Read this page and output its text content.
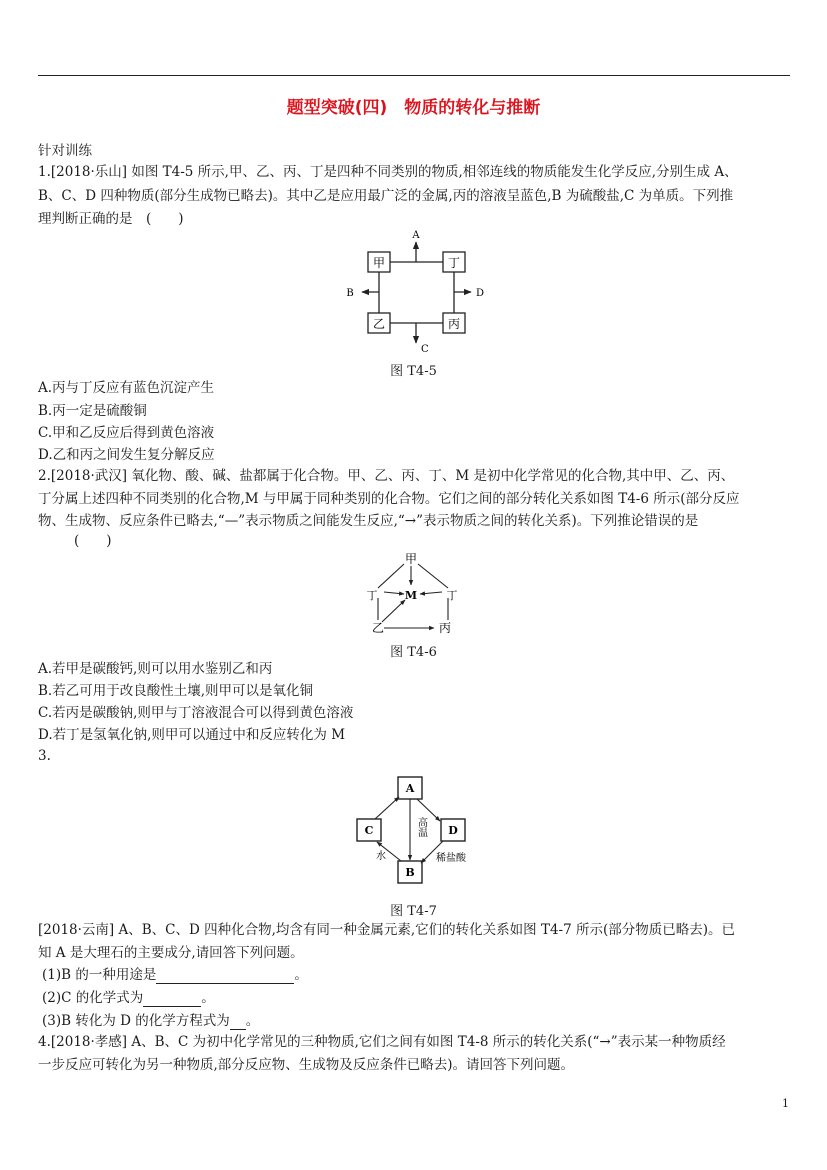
题型突破(四)　物质的转化与推断
针对训练
1.[2018·乐山] 如图 T4-5 所示,甲、乙、丙、丁是四种不同类别的物质,相邻连线的物质能发生化学反应,分别生成 A、
B、C、D 四种物质(部分生成物已略去)。其中乙是应用最广泛的金属,丙的溶液呈蓝色,B 为硫酸盐,C 为单质。下列推
理判断正确的是　(　　)
甲	丁
乙	丙
A
B
C
D
图 T4-5
A.丙与丁反应有蓝色沉淀产生
B.丙一定是硫酸铜
C.甲和乙反应后得到黄色溶液
D.乙和丙之间发生复分解反应
2.[2018·武汉] 氧化物、酸、碱、盐都属于化合物。甲、乙、丙、丁、M 是初中化学常见的化合物,其中甲、乙、丙、
丁分属上述四种不同类别的化合物,M 与甲属于同种类别的化合物。它们之间的部分转化关系如图 T4-6 所示(部分反应
物、生成物、反应条件已略去,“—”表示物质之间能发生反应,“→”表示物质之间的转化关系)。下列推论错误的是
(　　)
甲
M
丁	丁
乙	丙
图 T4-6
A.若甲是碳酸钙,则可以用水鉴别乙和丙
B.若乙可用于改良酸性土壤,则甲可以是氧化铜
C.若丙是碳酸钠,则甲与丁溶液混合可以得到黄色溶液
D.若丁是氢氧化钠,则甲可以通过中和反应转化为 M
3.
A
B
C	D
高温
水	稀盐酸
图 T4-7
[2018·云南] A、B、C、D 四种化合物,均含有同一种金属元素,它们的转化关系如图 T4-7 所示(部分物质已略去)。已
知 A 是大理石的主要成分,请回答下列问题。
(1)B 的一种用途是	。
(2)C 的化学式为	。
(3)B 转化为 D 的化学方程式为 。
4.[2018·孝感] A、B、C 为初中化学常见的三种物质,它们之间有如图 T4-8 所示的转化关系(“→”表示某一种物质经
一步反应可转化为另一种物质,部分反应物、生成物及反应条件已略去)。请回答下列问题。
1
